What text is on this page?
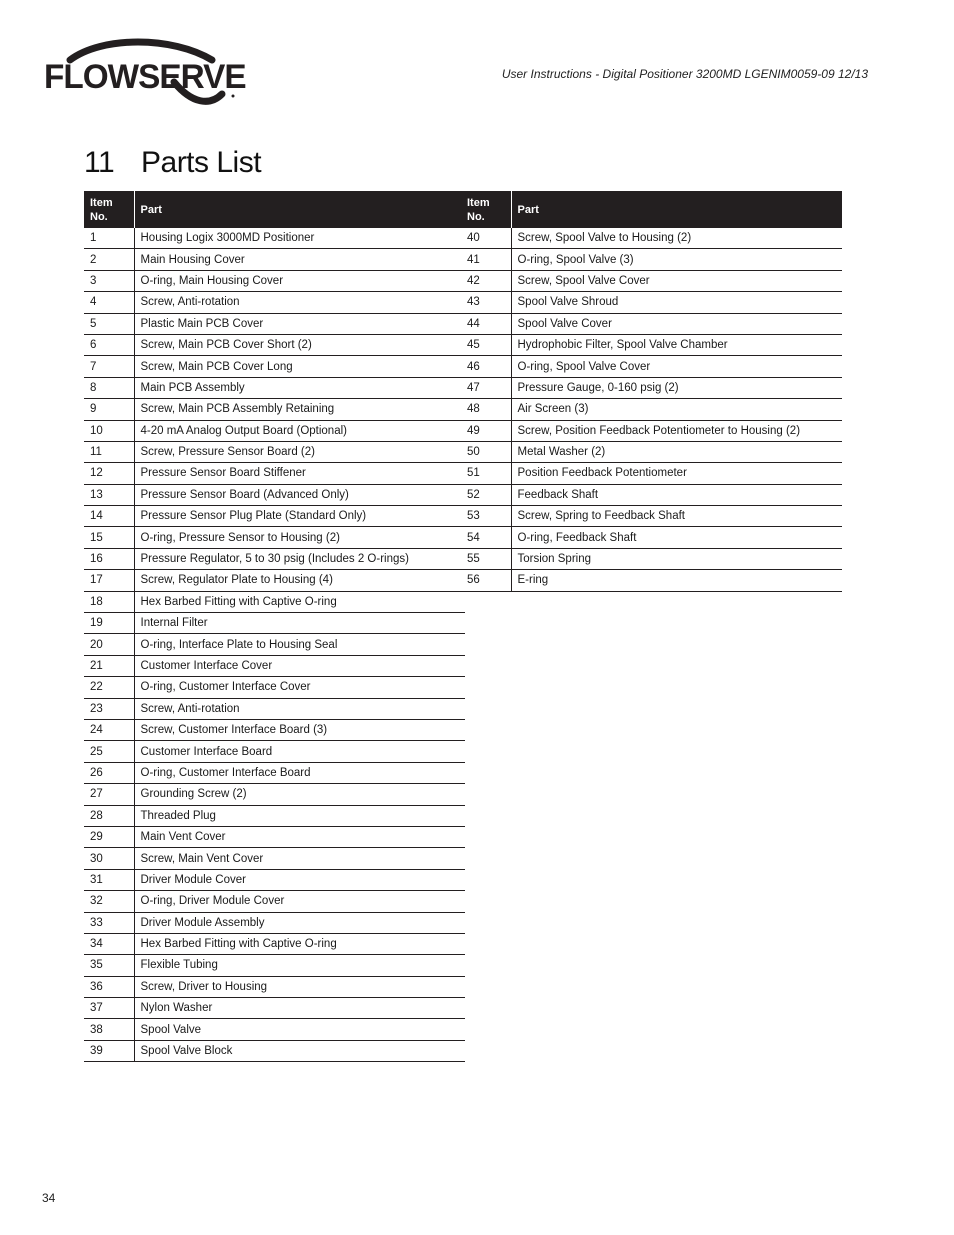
FLOWSERVE	User Instructions - Digital Positioner 3200MD LGENIM0059-09 12/13
11 Parts List
Item
No.	Part
1	Housing Logix 3000MD Positioner
2	Main Housing Cover
3	O-ring, Main Housing Cover
4	Screw, Anti-rotation
5	Plastic Main PCB Cover
6	Screw, Main PCB Cover Short (2)
7	Screw, Main PCB Cover Long
8	Main PCB Assembly
9	Screw, Main PCB Assembly Retaining
10	4-20 mA Analog Output Board (Optional)
11	Screw, Pressure Sensor Board (2)
12	Pressure Sensor Board Stiffener
13	Pressure Sensor Board (Advanced Only)
14	Pressure Sensor Plug Plate (Standard Only)
15	O-ring, Pressure Sensor to Housing (2)
16	Pressure Regulator, 5 to 30 psig (Includes 2 O-rings)
17	Screw, Regulator Plate to Housing (4)
18	Hex Barbed Fitting with Captive O-ring
19	Internal Filter
20	O-ring, Interface Plate to Housing Seal
21	Customer Interface Cover
22	O-ring, Customer Interface Cover
23	Screw, Anti-rotation
24	Screw, Customer Interface Board (3)
25	Customer Interface Board
26	O-ring, Customer Interface Board
27	Grounding Screw (2)
28	Threaded Plug
29	Main Vent Cover
30	Screw, Main Vent Cover
31	Driver Module Cover
32	O-ring, Driver Module Cover
33	Driver Module Assembly
34	Hex Barbed Fitting with Captive O-ring
35	Flexible Tubing
36	Screw, Driver to Housing
37	Nylon Washer
38	Spool Valve
39	Spool Valve Block
Item
No.	Part
40	Screw, Spool Valve to Housing (2)
41	O-ring, Spool Valve (3)
42	Screw, Spool Valve Cover
43	Spool Valve Shroud
44	Spool Valve Cover
45	Hydrophobic Filter, Spool Valve Chamber
46	O-ring, Spool Valve Cover
47	Pressure Gauge, 0-160 psig (2)
48	Air Screen (3)
49	Screw, Position Feedback Potentiometer to Housing (2)
50	Metal Washer (2)
51	Position Feedback Potentiometer
52	Feedback Shaft
53	Screw, Spring to Feedback Shaft
54	O-ring, Feedback Shaft
55	Torsion Spring
56	E-ring
34
